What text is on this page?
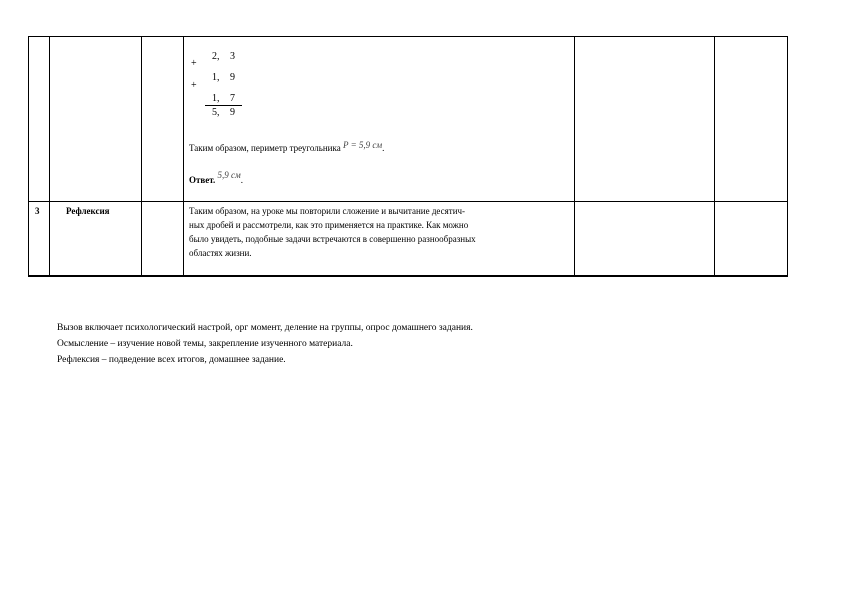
+
+
2, 3
1, 9
1, 7
5, 9
Таким образом, периметр треугольника P = 5,9 см.
Ответ. 5,9 см.
3	Рефлексия	Таким образом, на уроке мы повторили сложение и вычитание десятич-
ных дробей и рассмотрели, как это применяется на практике. Как можно
было увидеть, подобные задачи встречаются в совершенно разнообразных
областях жизни.
Вызов включает психологический настрой, орг момент, деление на группы, опрос домашнего задания.
Осмысление – изучение новой темы, закрепление изученного материала.
Рефлексия – подведение всех итогов, домашнее задание.
